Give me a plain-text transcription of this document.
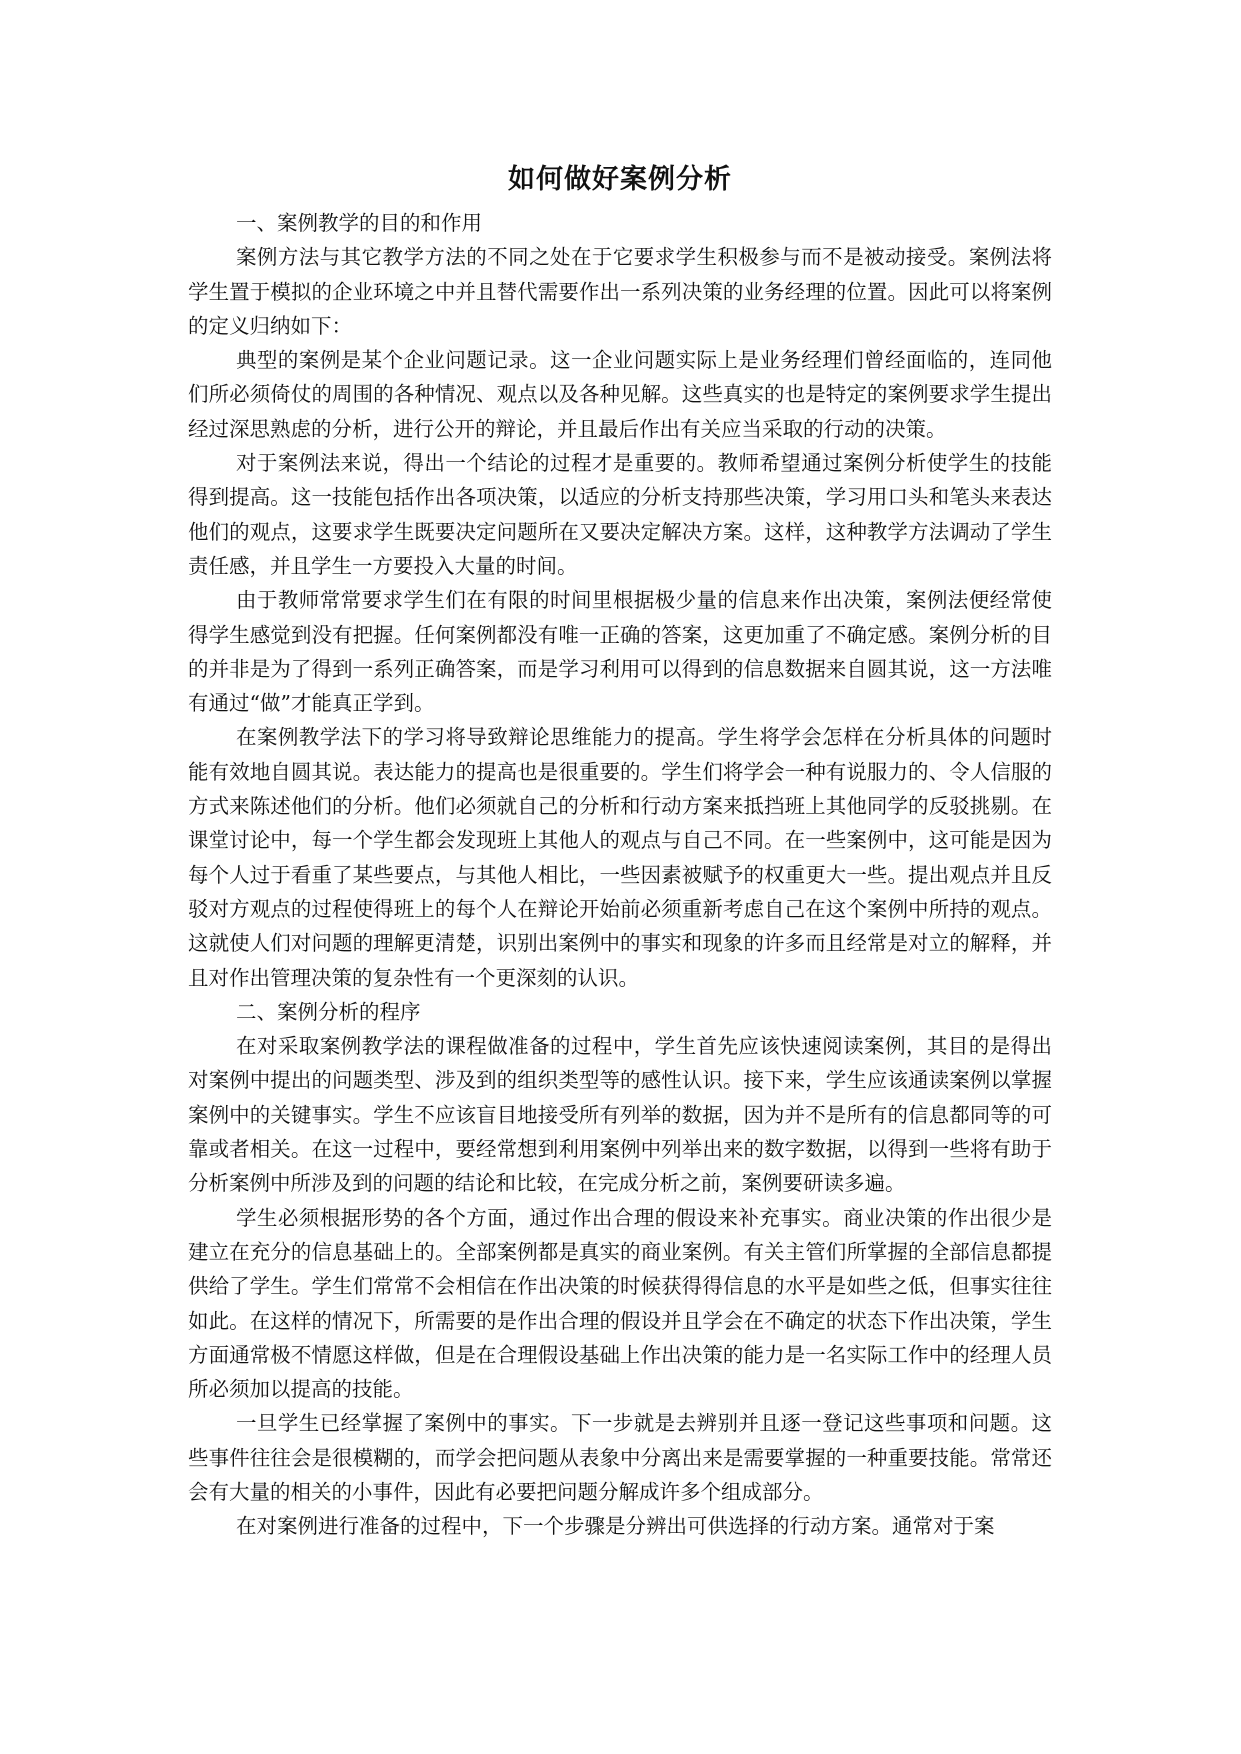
如何做好案例分析

一、案例教学的目的和作用

案例方法与其它教学方法的不同之处在于它要求学生积极参与而不是被动接受。案例法将学生置于模拟的企业环境之中并且替代需要作出一系列决策的业务经理的位置。因此可以将案例的定义归纳如下：

典型的案例是某个企业问题记录。这一企业问题实际上是业务经理们曾经面临的，连同他们所必须倚仗的周围的各种情况、观点以及各种见解。这些真实的也是特定的案例要求学生提出经过深思熟虑的分析，进行公开的辩论，并且最后作出有关应当采取的行动的决策。

对于案例法来说，得出一个结论的过程才是重要的。教师希望通过案例分析使学生的技能得到提高。这一技能包括作出各项决策，以适应的分析支持那些决策，学习用口头和笔头来表达他们的观点，这要求学生既要决定问题所在又要决定解决方案。这样，这种教学方法调动了学生责任感，并且学生一方要投入大量的时间。

由于教师常常要求学生们在有限的时间里根据极少量的信息来作出决策，案例法便经常使得学生感觉到没有把握。任何案例都没有唯一正确的答案，这更加重了不确定感。案例分析的目的并非是为了得到一系列正确答案，而是学习利用可以得到的信息数据来自圆其说，这一方法唯有通过“做”才能真正学到。

在案例教学法下的学习将导致辩论思维能力的提高。学生将学会怎样在分析具体的问题时能有效地自圆其说。表达能力的提高也是很重要的。学生们将学会一种有说服力的、令人信服的方式来陈述他们的分析。他们必须就自己的分析和行动方案来抵挡班上其他同学的反驳挑剔。在课堂讨论中，每一个学生都会发现班上其他人的观点与自己不同。在一些案例中，这可能是因为每个人过于看重了某些要点，与其他人相比，一些因素被赋予的权重更大一些。提出观点并且反驳对方观点的过程使得班上的每个人在辩论开始前必须重新考虑自己在这个案例中所持的观点。这就使人们对问题的理解更清楚，识别出案例中的事实和现象的许多而且经常是对立的解释，并且对作出管理决策的复杂性有一个更深刻的认识。

二、案例分析的程序

在对采取案例教学法的课程做准备的过程中，学生首先应该快速阅读案例，其目的是得出对案例中提出的问题类型、涉及到的组织类型等的感性认识。接下来，学生应该通读案例以掌握案例中的关键事实。学生不应该盲目地接受所有列举的数据，因为并不是所有的信息都同等的可靠或者相关。在这一过程中，要经常想到利用案例中列举出来的数字数据，以得到一些将有助于分析案例中所涉及到的问题的结论和比较，在完成分析之前，案例要研读多遍。

学生必须根据形势的各个方面，通过作出合理的假设来补充事实。商业决策的作出很少是建立在充分的信息基础上的。全部案例都是真实的商业案例。有关主管们所掌握的全部信息都提供给了学生。学生们常常不会相信在作出决策的时候获得得信息的水平是如些之低，但事实往往如此。在这样的情况下，所需要的是作出合理的假设并且学会在不确定的状态下作出决策，学生方面通常极不情愿这样做，但是在合理假设基础上作出决策的能力是一名实际工作中的经理人员所必须加以提高的技能。

一旦学生已经掌握了案例中的事实。下一步就是去辨别并且逐一登记这些事项和问题。这些事件往往会是很模糊的，而学会把问题从表象中分离出来是需要掌握的一种重要技能。常常还会有大量的相关的小事件，因此有必要把问题分解成许多个组成部分。

在对案例进行准备的过程中，下一个步骤是分辨出可供选择的行动方案。通常对于案
